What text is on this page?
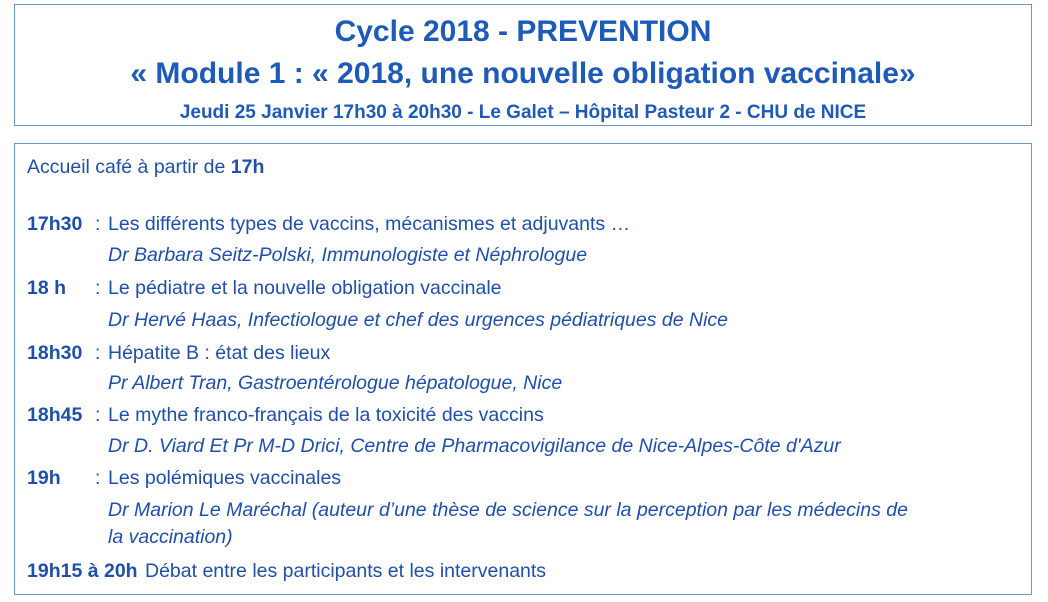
Cycle 2018 - PREVENTION
« Module 1 : « 2018, une nouvelle obligation vaccinale»
Jeudi 25 Janvier 17h30 à 20h30 - Le Galet – Hôpital Pasteur 2 - CHU de NICE
Accueil café à partir de 17h
17h30 : Les différents types de vaccins, mécanismes et adjuvants …
Dr Barbara Seitz-Polski, Immunologiste et Néphrologue
18 h : Le pédiatre et la nouvelle obligation vaccinale
Dr Hervé Haas, Infectiologue et chef des urgences pédiatriques de Nice
18h30 : Hépatite B : état des lieux
Pr Albert Tran, Gastroentérologue hépatologue, Nice
18h45 : Le mythe franco-français de la toxicité des vaccins
Dr D. Viard Et Pr M-D Drici, Centre de Pharmacovigilance de Nice-Alpes-Côte d'Azur
19h : Les polémiques vaccinales
Dr Marion Le Maréchal (auteur d’une thèse de science sur la perception par les médecins de
la vaccination)
19h15 à 20h Débat entre les participants et les intervenants
